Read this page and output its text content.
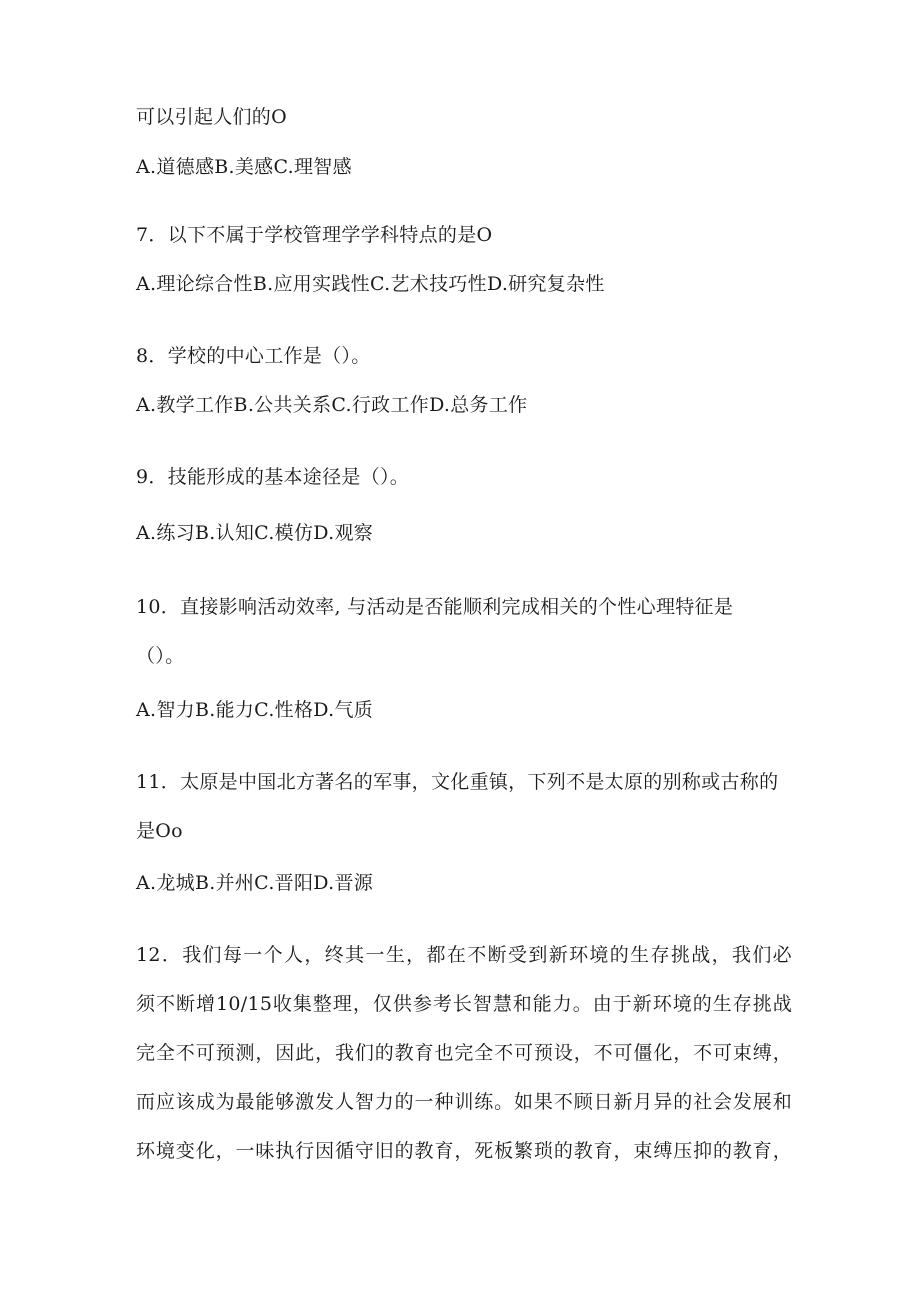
可以引起人们的O
A.道德感B.美感C.理智感
7．以下不属于学校管理学学科特点的是O
A.理论综合性B.应用实践性C.艺术技巧性D.研究复杂性
8．学校的中心工作是（）。
A.教学工作B.公共关系C.行政工作D.总务工作
9．技能形成的基本途径是（）。
A.练习B.认知C.模仿D.观察
10．直接影响活动效率, 与活动是否能顺利完成相关的个性心理特征是
（）。
A.智力B.能力C.性格D.气质
11．太原是中国北方著名的军事，文化重镇，下列不是太原的别称或古称的
是Oo
A.龙城B.并州C.晋阳D.晋源
12．我们每一个人，终其一生，都在不断受到新环境的生存挑战，我们必
须不断增10/15收集整理，仅供参考长智慧和能力。由于新环境的生存挑战
完全不可预测，因此，我们的教育也完全不可预设，不可僵化，不可束缚，
而应该成为最能够激发人智力的一种训练。如果不顾日新月异的社会发展和
环境变化，一味执行因循守旧的教育，死板繁琐的教育，束缚压抑的教育，
